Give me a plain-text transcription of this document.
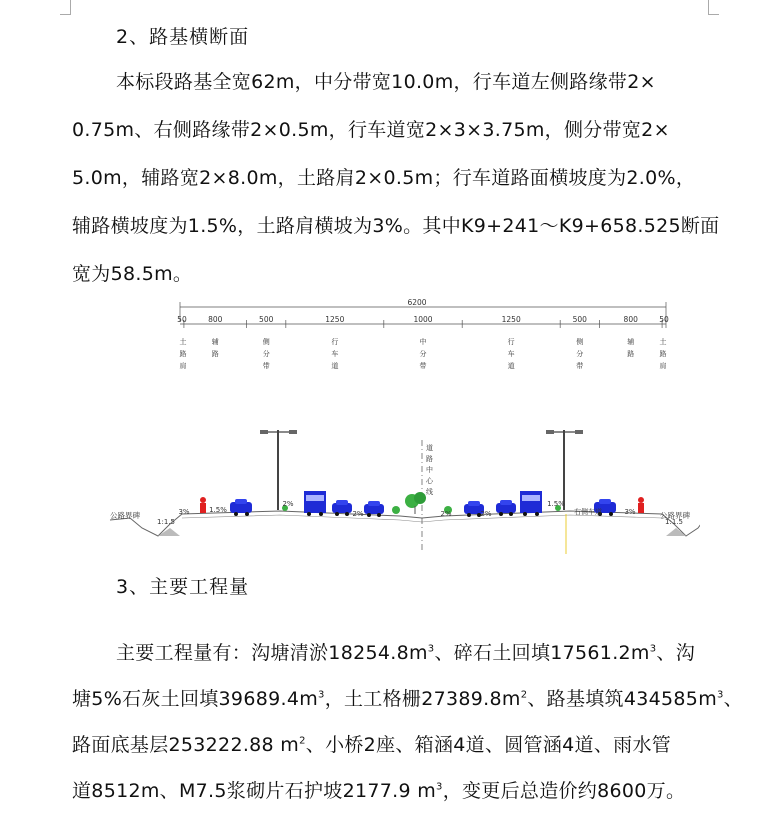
2、路基横断面
本标段路基全宽62m，中分带宽10.0m，行车道左侧路缘带2×
0.75m、右侧路缘带2×0.5m，行车道宽2×3×3.75m，侧分带宽2×
5.0m，辅路宽2×8.0m，土路肩2×0.5m；行车道路面横坡度为2.0%，
辅路横坡度为1.5%，土路肩横坡为3%。其中K9+241～K9+658.525断面
宽为58.5m。
6200
50	800	500	1250	1000	1250	500	800	50
土路肩
辅路
侧分带
行车道
中分带
行车道
侧分带
辅路
土路肩
道路中心线
1:1.5
3%	1.5%
2%
2%	2%	2%
1.5%
3%
1:1.5
公路界碑	公路界碑
右侧车道
3、主要工程量
主要工程量有：沟塘清淤$18254.8m^3$、碎石土回填$17561.2m^3$、沟
塘5%石灰土回填$39689.4m^3$，土工格栅$27389.8m^2$、路基填筑$434585m^3$、
路面底基层253222.88 $m^2$、小桥2座、箱涵4道、圆管涵4道、雨水管
道8512m、M7.5浆砌片石护坡2177.9 $m^3$，变更后总造价约8600万。
